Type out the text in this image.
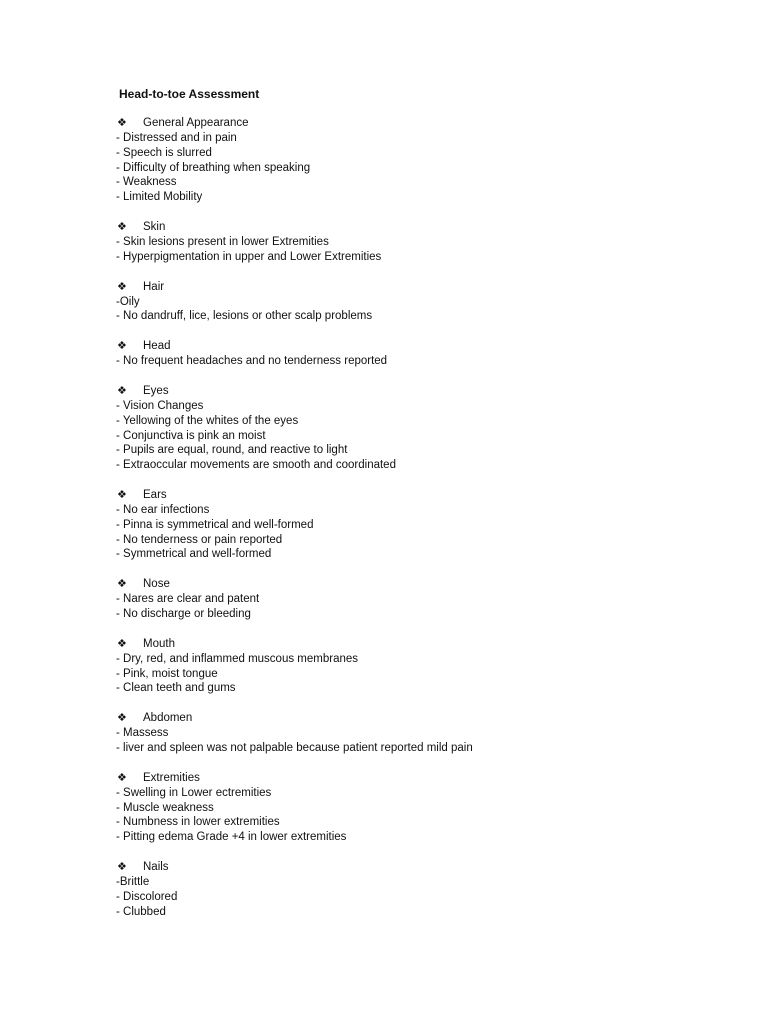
Head-to-toe Assessment
❖	General Appearance
- Distressed and in pain
- Speech is slurred
- Difficulty of breathing when speaking
- Weakness
- Limited Mobility
❖	Skin
- Skin lesions present in lower Extremities
- Hyperpigmentation in upper and Lower Extremities
❖	Hair
-Oily
- No dandruff, lice, lesions or other scalp problems
❖	Head
- No frequent headaches and no tenderness reported
❖	Eyes
- Vision Changes
- Yellowing of the whites of the eyes
- Conjunctiva is pink an moist
- Pupils are equal, round, and reactive to light
- Extraoccular movements are smooth and coordinated
❖	Ears
- No ear infections
- Pinna is symmetrical and well-formed
- No tenderness or pain reported
- Symmetrical and well-formed
❖	Nose
- Nares are clear and patent
- No discharge or bleeding
❖	Mouth
- Dry, red, and inflammed muscous membranes
- Pink, moist tongue
- Clean teeth and gums
❖	Abdomen
- Massess
- liver and spleen was not palpable because patient reported mild pain
❖	Extremities
- Swelling in Lower ectremities
- Muscle weakness
- Numbness in lower extremities
- Pitting edema Grade +4 in lower extremities
❖	Nails
-Brittle
- Discolored
- Clubbed
